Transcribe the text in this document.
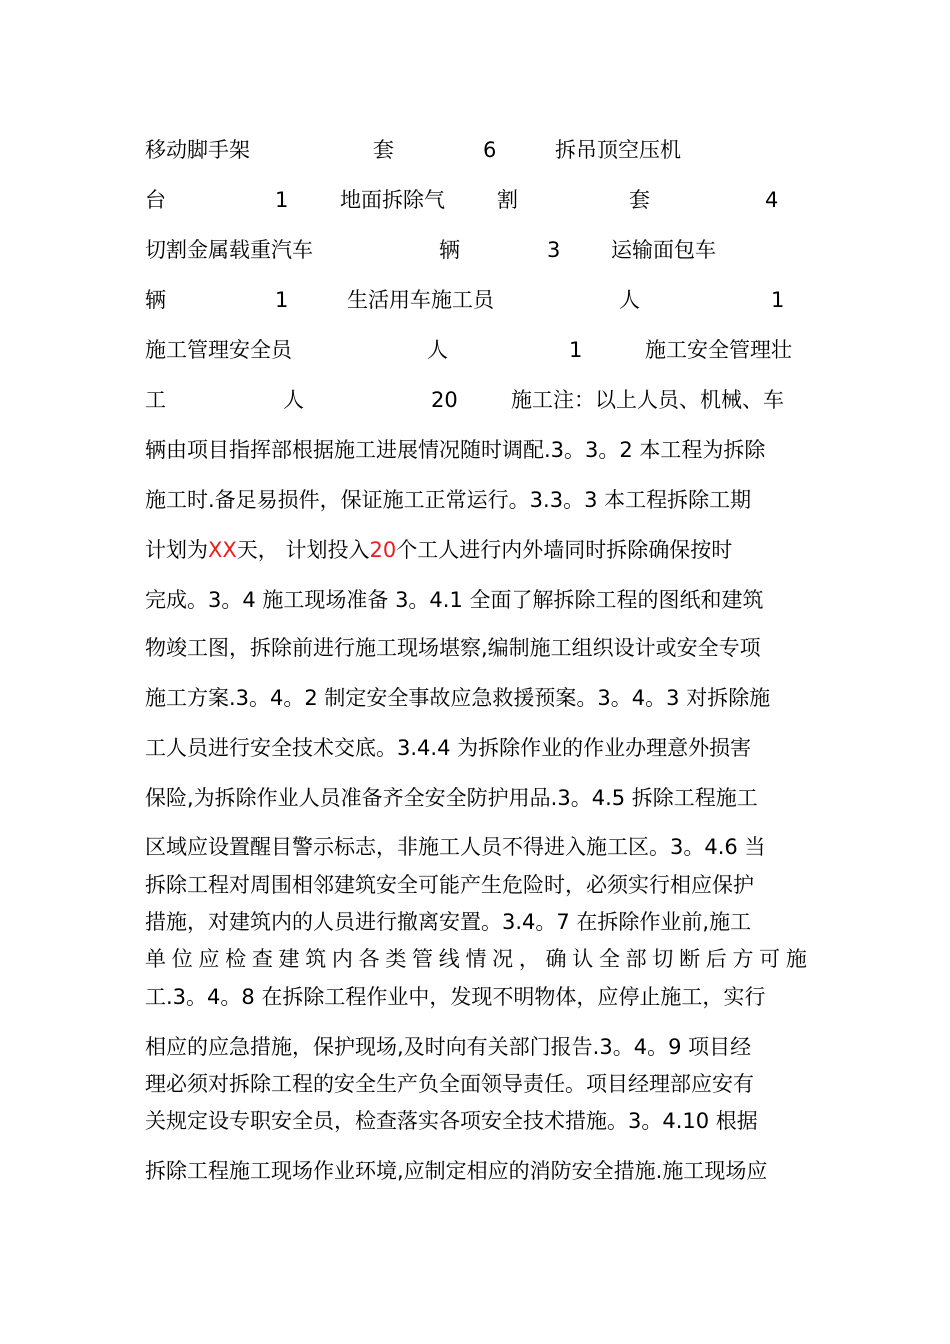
移动脚手架	套	6	拆吊顶空压机
台	1 地面拆除气 割	套	4
切割金属载重汽车	辆	3 运输面包车
辆	1	生活用车施工员	人	1
施工管理安全员	人	1	施工安全管理壮
工	人	20	施工注：以上人员、机械、车
辆由项目指挥部根据施工进展情况随时调配.3。3。2 本工程为拆除
施工时.备足易损件，保证施工正常运行。3.3。3 本工程拆除工期
计划为XX天， 计划投入20个工人进行内外墙同时拆除确保按时
完成。3。4 施工现场准备 3。4.1 全面了解拆除工程的图纸和建筑
物竣工图，拆除前进行施工现场堪察,编制施工组织设计或安全专项
施工方案.3。4。2 制定安全事故应急救援预案。3。4。3 对拆除施
工人员进行安全技术交底。3.4.4 为拆除作业的作业办理意外损害
保险,为拆除作业人员准备齐全安全防护用品.3。4.5 拆除工程施工
区域应设置醒目警示标志，非施工人员不得进入施工区。3。4.6 当
拆除工程对周围相邻建筑安全可能产生危险时，必须实行相应保护
措施，对建筑内的人员进行撤离安置。3.4。7 在拆除作业前,施工
单 位 应 检 查 建 筑 内 各 类 管 线 情 况 ， 确 认 全 部 切 断 后 方 可 施
工.3。4。8 在拆除工程作业中，发现不明物体，应停止施工，实行
相应的应急措施，保护现场,及时向有关部门报告.3。4。9 项目经
理必须对拆除工程的安全生产负全面领导责任。项目经理部应安有
关规定设专职安全员，检查落实各项安全技术措施。3。4.10 根据
拆除工程施工现场作业环境,应制定相应的消防安全措施.施工现场应
